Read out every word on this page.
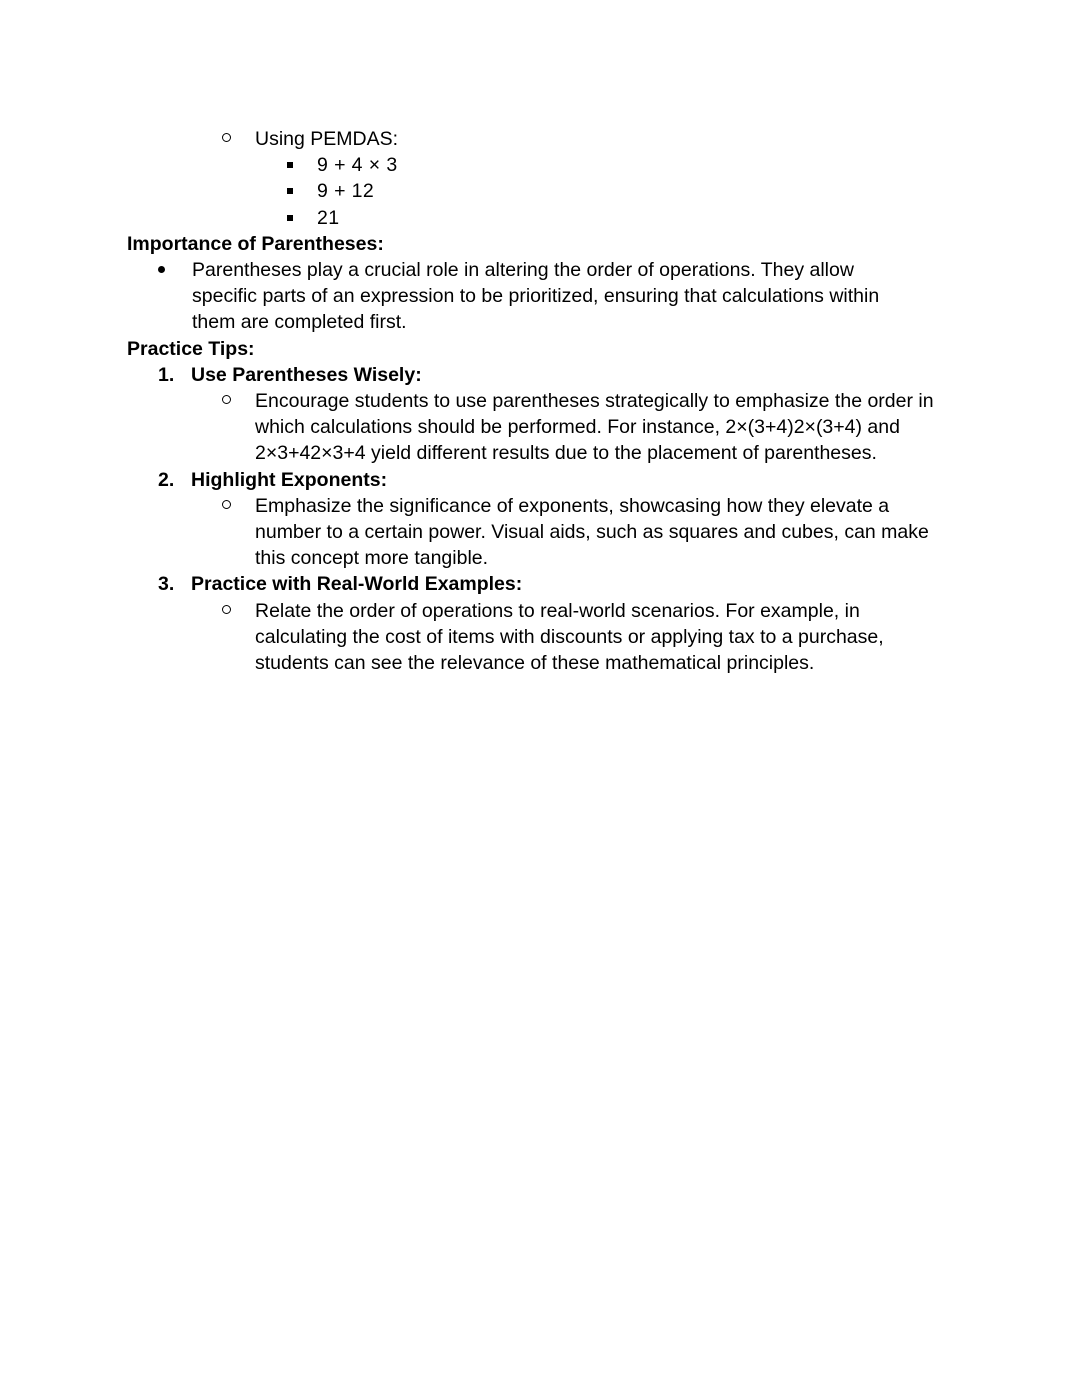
Using PEMDAS:
9 + 4 × 3
9 + 12
21
Importance of Parentheses:
Parentheses play a crucial role in altering the order of operations. They allow specific parts of an expression to be prioritized, ensuring that calculations within them are completed first.
Practice Tips:
1. Use Parentheses Wisely:
Encourage students to use parentheses strategically to emphasize the order in which calculations should be performed. For instance, 2×(3+4)2×(3+4) and 2×3+42×3+4 yield different results due to the placement of parentheses.
2. Highlight Exponents:
Emphasize the significance of exponents, showcasing how they elevate a number to a certain power. Visual aids, such as squares and cubes, can make this concept more tangible.
3. Practice with Real-World Examples:
Relate the order of operations to real-world scenarios. For example, in calculating the cost of items with discounts or applying tax to a purchase, students can see the relevance of these mathematical principles.
